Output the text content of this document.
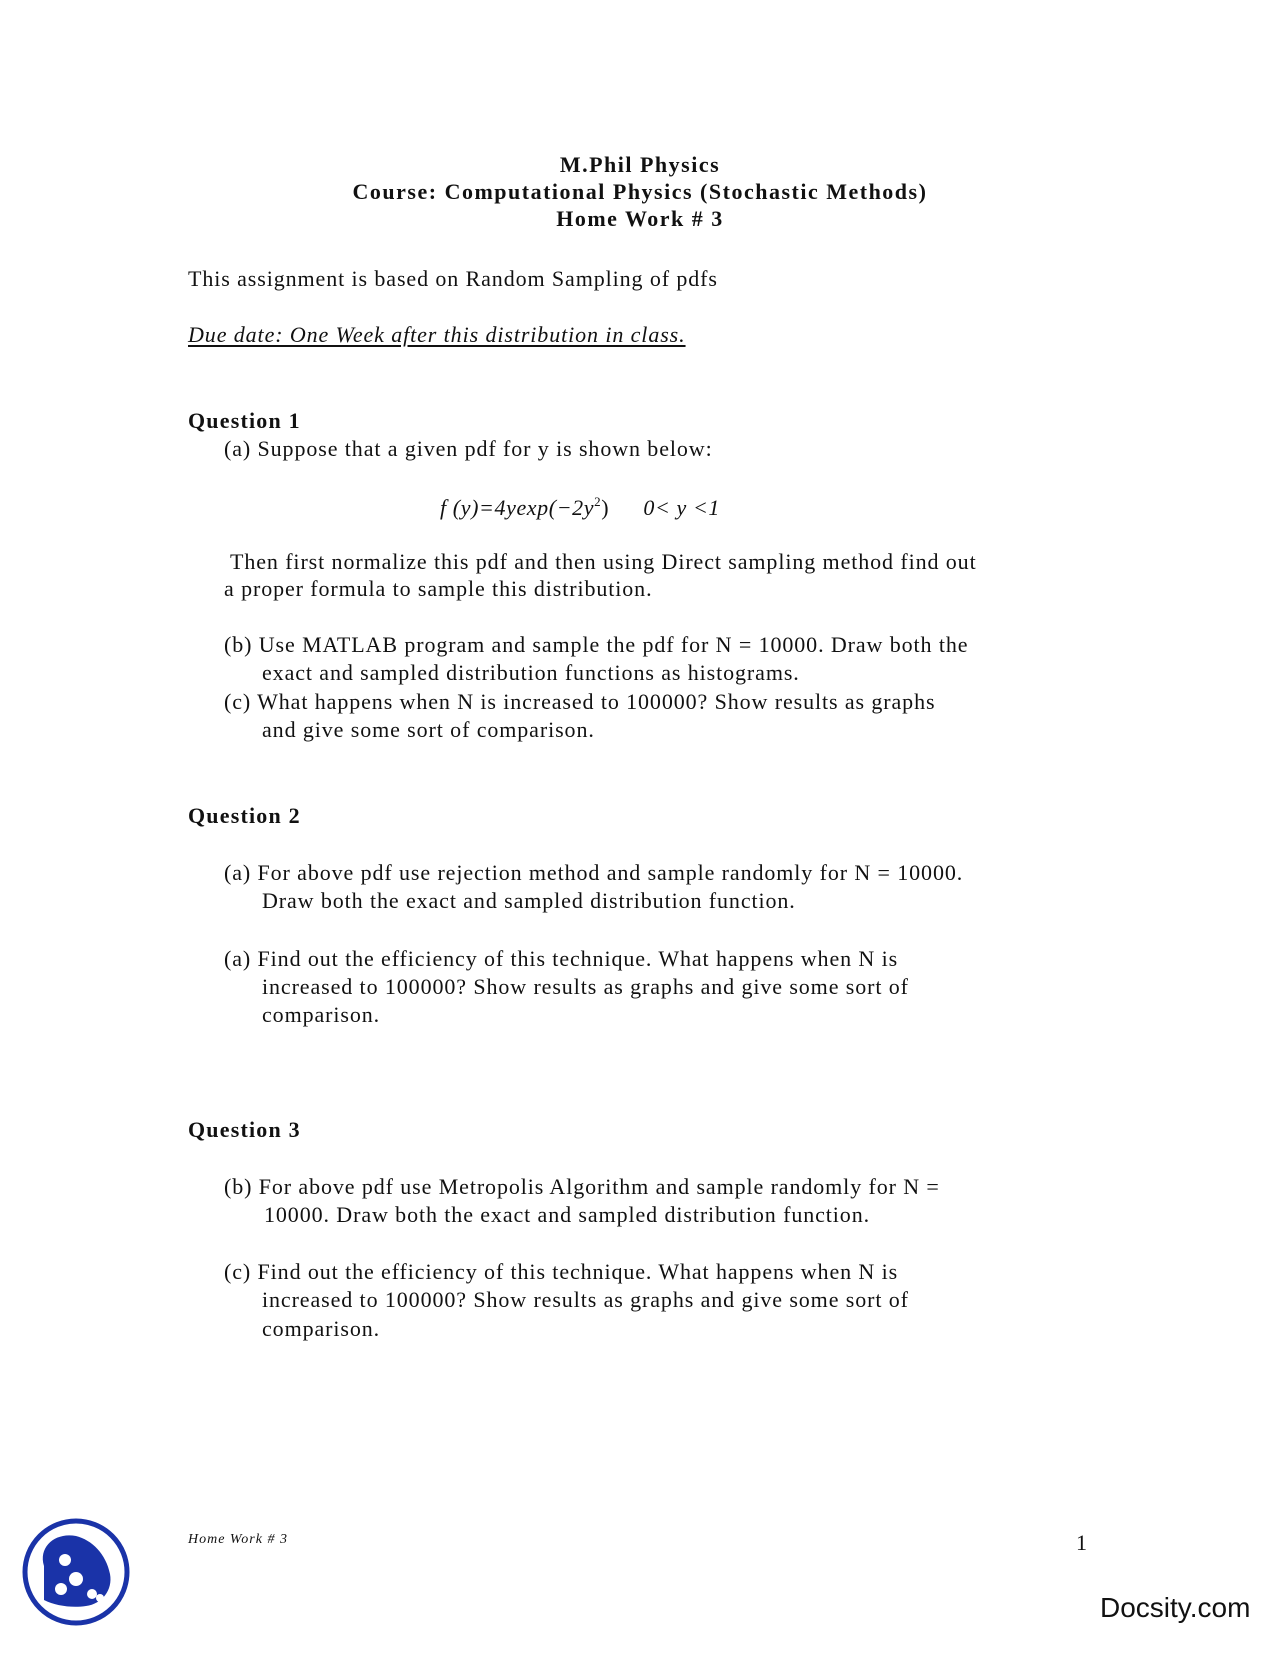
M.Phil Physics
Course: Computational Physics (Stochastic Methods)
Home Work # 3
This assignment is based on Random Sampling of pdfs
Due date: One Week after this distribution in class.
Question 1
(a) Suppose that a given pdf for y is shown below:
f $(y)=4yexp(-2y^2)$ 0< y <1
Then first normalize this pdf and then using Direct sampling method find out
a proper formula to sample this distribution.
(b) Use MATLAB program and sample the pdf for N = 10000. Draw both the
exact and sampled distribution functions as histograms.
(c) What happens when N is increased to 100000? Show results as graphs
and give some sort of comparison.
Question 2
(a) For above pdf use rejection method and sample randomly for N = 10000.
Draw both the exact and sampled distribution function.
(a) Find out the efficiency of this technique. What happens when N is
increased to 100000? Show results as graphs and give some sort of
comparison.
Question 3
(b) For above pdf use Metropolis Algorithm and sample randomly for N =
10000. Draw both the exact and sampled distribution function.
(c) Find out the efficiency of this technique. What happens when N is
increased to 100000? Show results as graphs and give some sort of
comparison.
Home Work # 3	1
Docsity.com
